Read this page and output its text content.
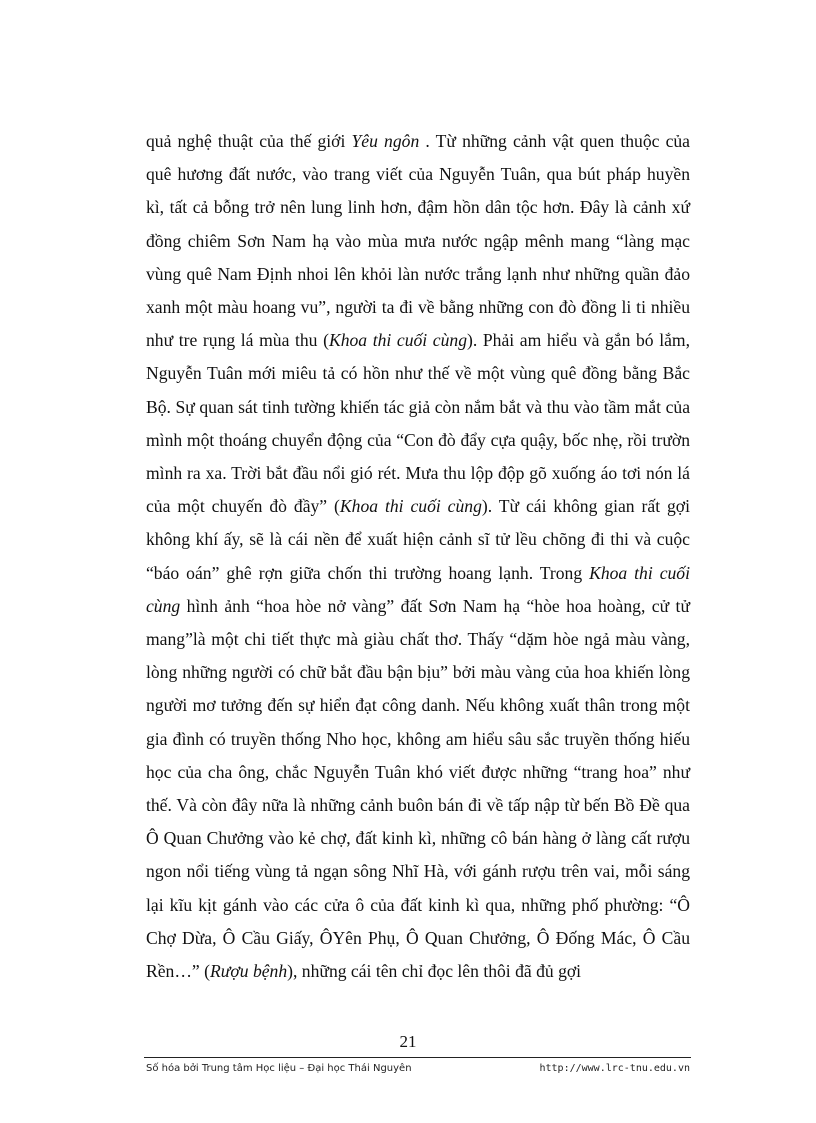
quả nghệ thuật của thế giới Yêu ngôn . Từ những cảnh vật quen thuộc của quê hương đất nước, vào trang viết của Nguyễn Tuân, qua bút pháp huyền kì, tất cả bỗng trở nên lung linh hơn, đậm hồn dân tộc hơn. Đây là cảnh xứ đồng chiêm Sơn Nam hạ vào mùa mưa nước ngập mênh mang “làng mạc vùng quê Nam Định nhoi lên khỏi làn nước trắng lạnh như những quần đảo xanh một màu hoang vu”, người ta đi về bằng những con đò đồng li ti nhiều như tre rụng lá mùa thu (Khoa thi cuối cùng). Phải am hiểu và gắn bó lắm, Nguyễn Tuân mới miêu tả có hồn như thế về một vùng quê đồng bằng Bắc Bộ. Sự quan sát tinh tường khiến tác giả còn nắm bắt và thu vào tầm mắt của mình một thoáng chuyển động của “Con đò đẩy cựa quậy, bốc nhẹ, rồi trườn mình ra xa. Trời bắt đầu nổi gió rét. Mưa thu lộp độp gõ xuống áo tơi nón lá của một chuyến đò đầy” (Khoa thi cuối cùng). Từ cái không gian rất gợi không khí ấy, sẽ là cái nền để xuất hiện cảnh sĩ tử lều chõng đi thi và cuộc “báo oán” ghê rợn giữa chốn thi trường hoang lạnh. Trong Khoa thi cuối cùng hình ảnh “hoa hòe nở vàng” đất Sơn Nam hạ “hòe hoa hoàng, cử tử mang”là một chi tiết thực mà giàu chất thơ. Thấy “dặm hòe ngả màu vàng, lòng những người có chữ bắt đầu bận bịu” bởi màu vàng của hoa khiến lòng người mơ tưởng đến sự hiển đạt công danh. Nếu không xuất thân trong một gia đình có truyền thống Nho học, không am hiểu sâu sắc truyền thống hiếu học của cha ông, chắc Nguyễn Tuân khó viết được những “trang hoa” như thế. Và còn đây nữa là những cảnh buôn bán đi về tấp nập từ bến Bồ Đề qua Ô Quan Chưởng vào kẻ chợ, đất kinh kì, những cô bán hàng ở làng cất rượu ngon nổi tiếng vùng tả ngạn sông Nhĩ Hà, với gánh rượu trên vai, mỗi sáng lại kĩu kịt gánh vào các cửa ô của đất kinh kì qua, những phố phường: “Ô Chợ Dừa, Ô Cầu Giấy, ÔYên Phụ, Ô Quan Chưởng, Ô Đống Mác, Ô Cầu Rền…” (Rượu bệnh), những cái tên chỉ đọc lên thôi đã đủ gợi

21
Số hóa bởi Trung tâm Học liệu – Đại học Thái Nguyên	http://www.lrc-tnu.edu.vn
